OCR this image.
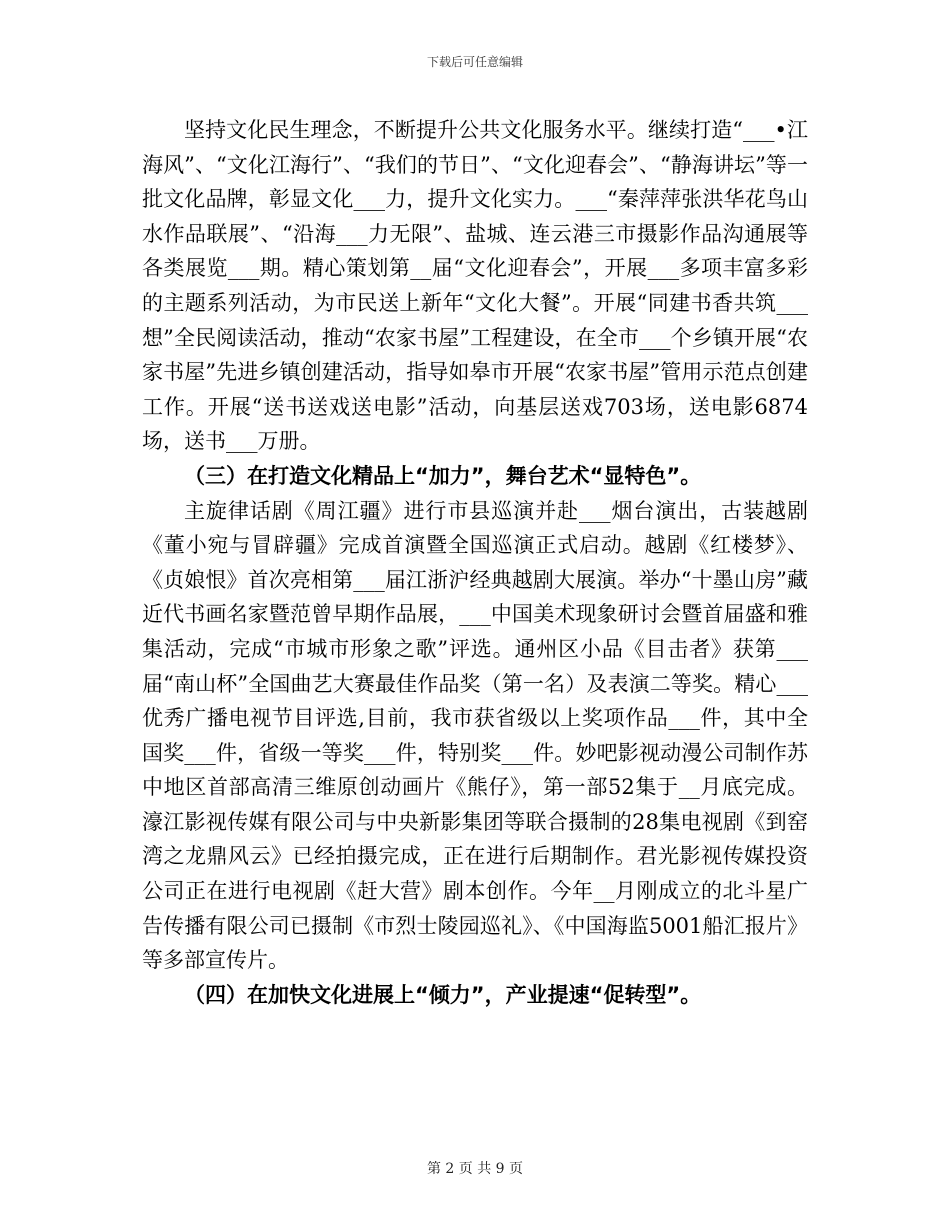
下载后可任意编辑

坚持文化民生理念，不断提升公共文化服务水平。继续打造“___•江海风”、“文化江海行”、“我们的节日”、“文化迎春会”、“静海讲坛”等一批文化品牌，彰显文化___力，提升文化实力。___“秦萍萍张洪华花鸟山水作品联展”、“沿海___力无限”、盐城、连云港三市摄影作品沟通展等各类展览___期。精心策划第__届“文化迎春会”，开展___多项丰富多彩的主题系列活动，为市民送上新年“文化大餐”。开展“同建书香共筑___想”全民阅读活动，推动“农家书屋”工程建设，在全市___个乡镇开展“农家书屋”先进乡镇创建活动，指导如皋市开展“农家书屋”管用示范点创建工作。开展“送书送戏送电影”活动，向基层送戏703场，送电影6874场，送书___万册。

（三）在打造文化精品上“加力”，舞台艺术“显特色”。

主旋律话剧《周江疆》进行市县巡演并赴___烟台演出，古装越剧《董小宛与冒辟疆》完成首演暨全国巡演正式启动。越剧《红楼梦》、《贞娘恨》首次亮相第___届江浙沪经典越剧大展演。举办“十墨山房”藏近代书画名家暨范曾早期作品展，___中国美术现象研讨会暨首届盛和雅集活动，完成“市城市形象之歌”评选。通州区小品《目击者》获第___届“南山杯”全国曲艺大赛最佳作品奖（第一名）及表演二等奖。精心___优秀广播电视节目评选,目前，我市获省级以上奖项作品___件，其中全国奖___件，省级一等奖___件，特别奖___件。妙吧影视动漫公司制作苏中地区首部高清三维原创动画片《熊仔》，第一部52集于__月底完成。濠江影视传媒有限公司与中央新影集团等联合摄制的28集电视剧《到窑湾之龙鼎风云》已经拍摄完成，正在进行后期制作。君光影视传媒投资公司正在进行电视剧《赶大营》剧本创作。今年__月刚成立的北斗星广告传播有限公司已摄制《市烈士陵园巡礼》、《中国海监5001船汇报片》等多部宣传片。

（四）在加快文化进展上“倾力”，产业提速“促转型”。

第 2 页 共 9 页
